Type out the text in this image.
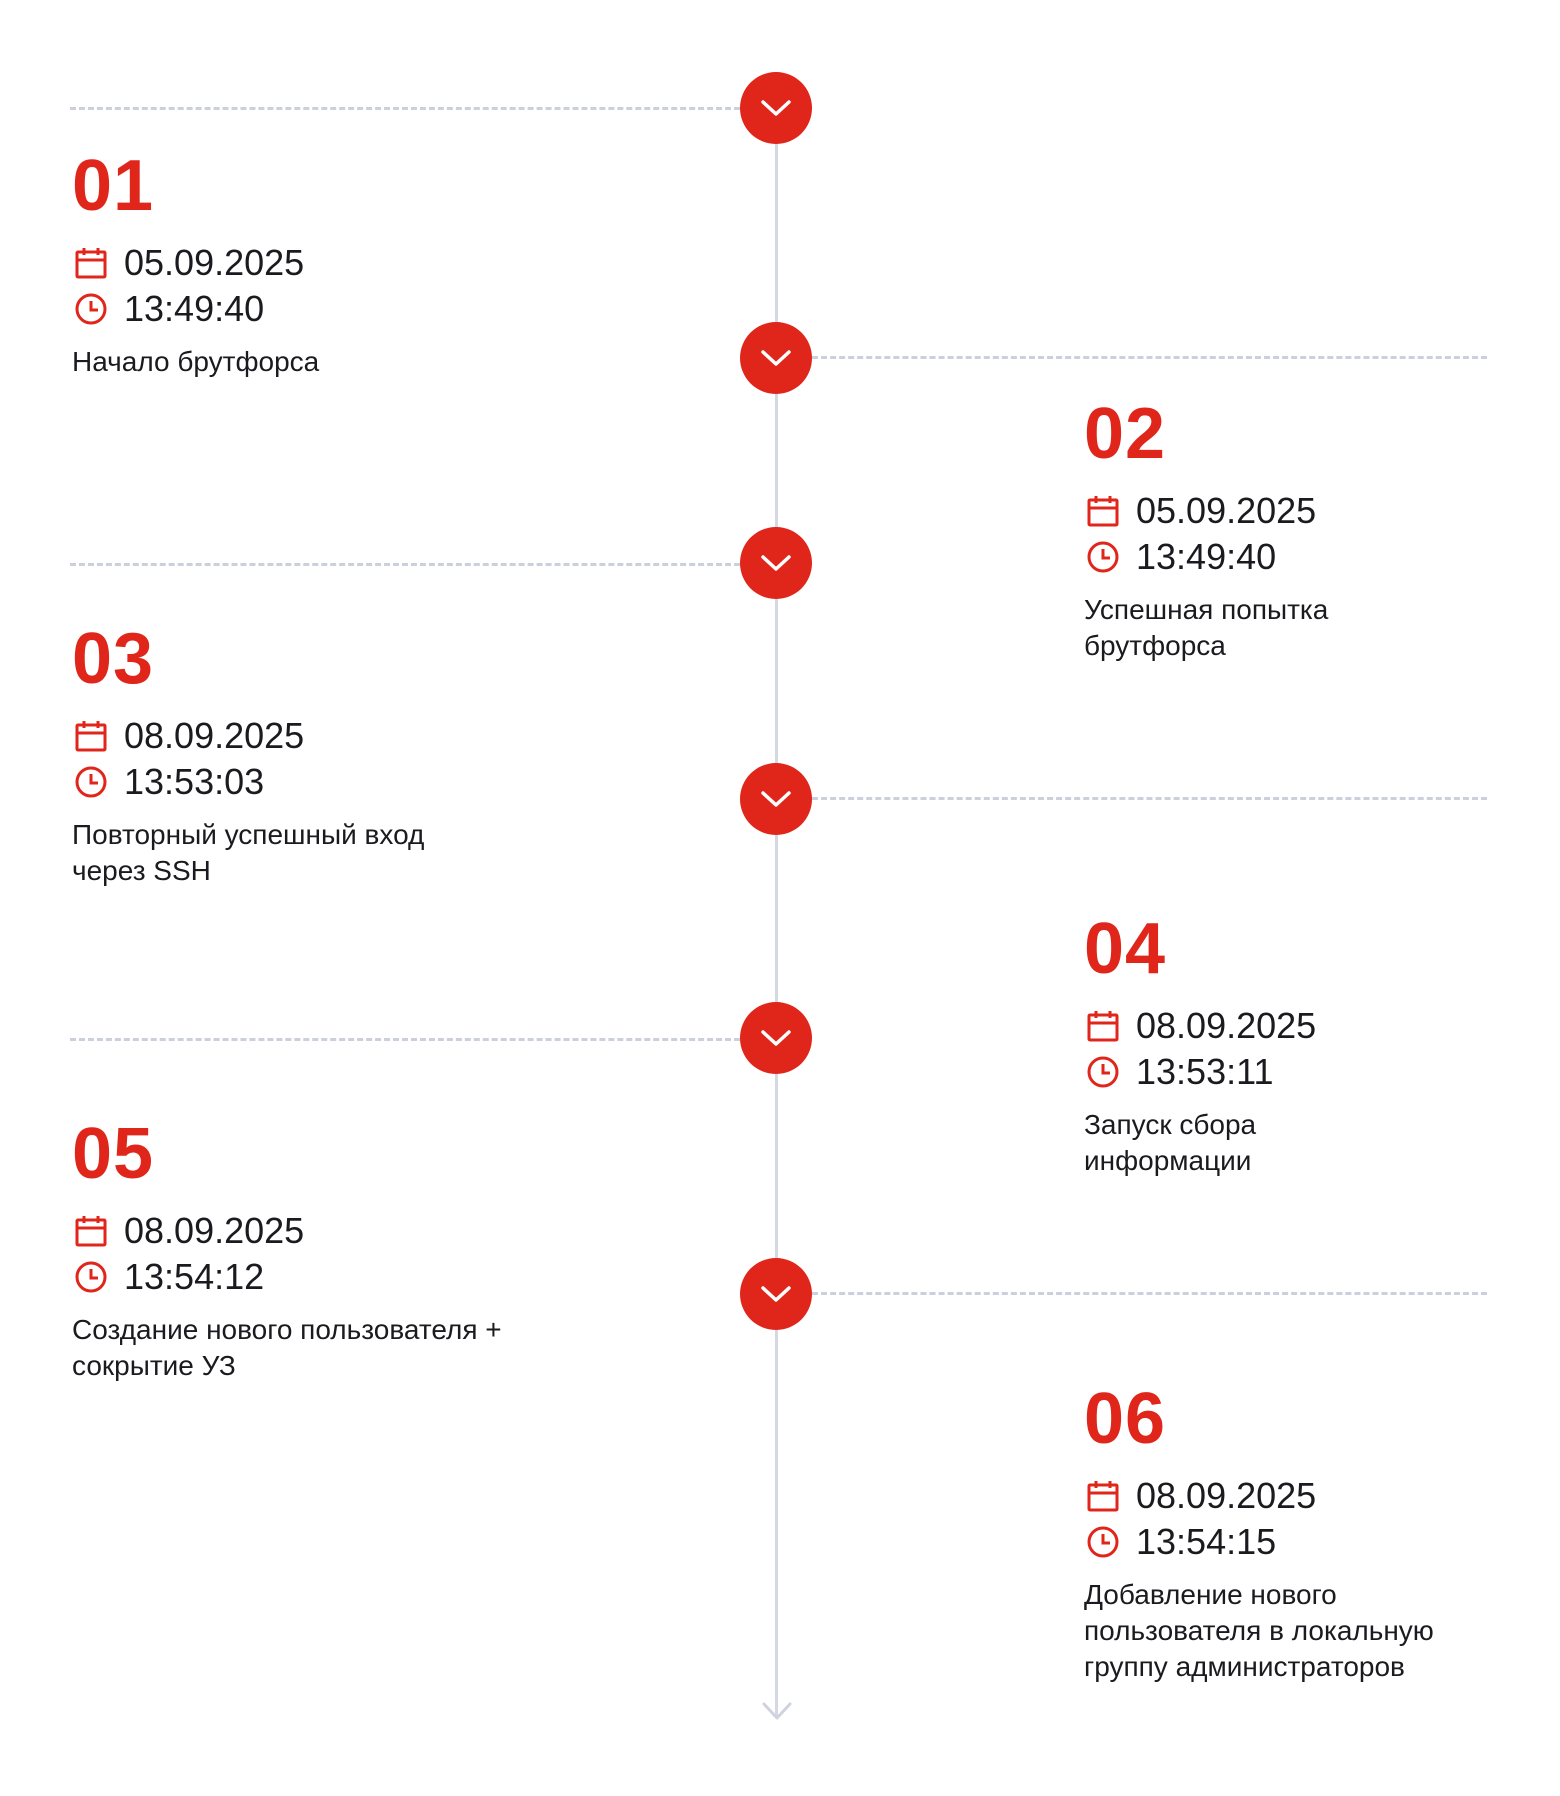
01
05.09.2025
13:49:40
Начало брутфорса
02
05.09.2025
13:49:40
Успешная попытка брутфорса
03
08.09.2025
13:53:03
Повторный успешный вход через SSH
04
08.09.2025
13:53:11
Запуск сбора информации
05
08.09.2025
13:54:12
Создание нового пользователя + сокрытие УЗ
06
08.09.2025
13:54:15
Добавление нового пользователя в локальную группу администраторов
